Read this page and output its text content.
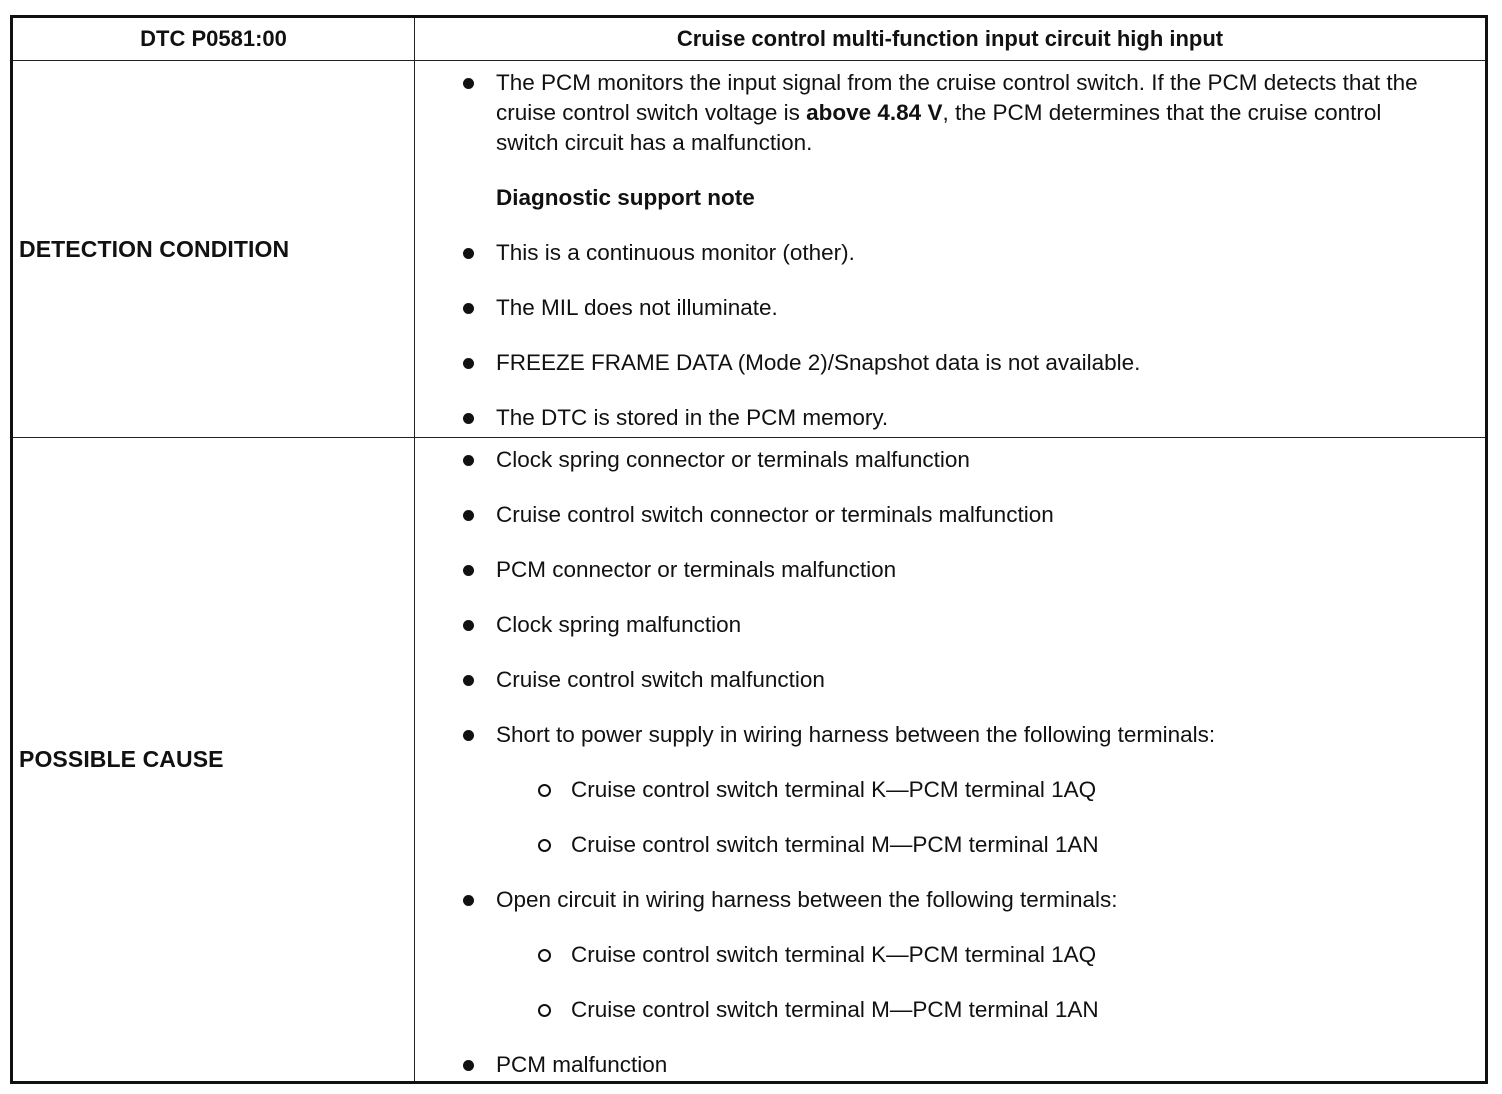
DTC P0581:00	Cruise control multi-function input circuit high input
DETECTION CONDITION
The PCM monitors the input signal from the cruise control switch. If the PCM detects that the cruise control switch voltage is above 4.84 V, the PCM determines that the cruise control switch circuit has a malfunction.
Diagnostic support note
This is a continuous monitor (other).
The MIL does not illuminate.
FREEZE FRAME DATA (Mode 2)/Snapshot data is not available.
The DTC is stored in the PCM memory.
POSSIBLE CAUSE
Clock spring connector or terminals malfunction
Cruise control switch connector or terminals malfunction
PCM connector or terminals malfunction
Clock spring malfunction
Cruise control switch malfunction
Short to power supply in wiring harness between the following terminals:
Cruise control switch terminal K—PCM terminal 1AQ
Cruise control switch terminal M—PCM terminal 1AN
Open circuit in wiring harness between the following terminals:
Cruise control switch terminal K—PCM terminal 1AQ
Cruise control switch terminal M—PCM terminal 1AN
PCM malfunction
